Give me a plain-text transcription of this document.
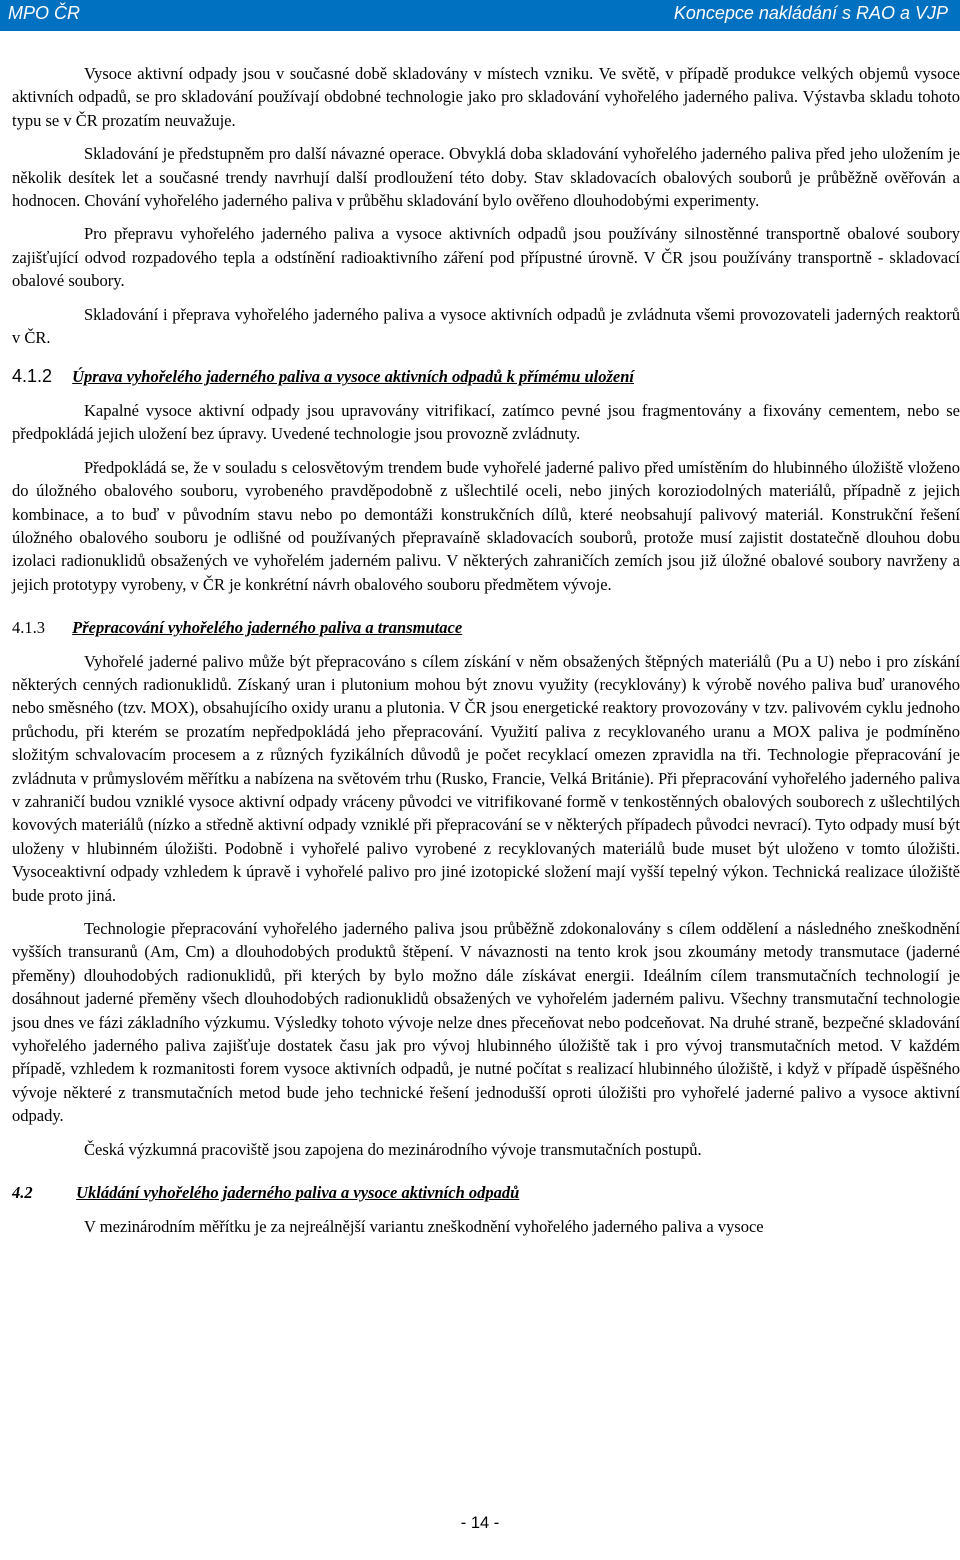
MPO ČR	Koncepce nakládání s RAO a VJP

Vysoce aktivní odpady jsou v současné době skladovány v místech vzniku. Ve světě, v případě produkce velkých objemů vysoce aktivních odpadů, se pro skladování používají obdobné technologie jako pro skladování vyhořelého jaderného paliva. Výstavba skladu tohoto typu se v ČR prozatím neuvažuje.

Skladování je předstupněm pro další návazné operace. Obvyklá doba skladování vyhořelého jaderného paliva před jeho uložením je několik desítek let a současné trendy navrhují další prodloužení této doby. Stav skladovacích obalových souborů je průběžně ověřován a hodnocen. Chování vyhořelého jaderného paliva v průběhu skladování bylo ověřeno dlouhodobými experimenty.

Pro přepravu vyhořelého jaderného paliva a vysoce aktivních odpadů jsou používány silnostěnné transportně obalové soubory zajišťující odvod rozpadového tepla a odstínění radioaktivního záření pod přípustné úrovně. V ČR jsou používány transportně - skladovací obalové soubory.

Skladování i přeprava vyhořelého jaderného paliva a vysoce aktivních odpadů je zvládnuta všemi provozovateli jaderných reaktorů v ČR.

4.1.2 Úprava vyhořelého jaderného paliva a vysoce aktivních odpadů k přímému uložení

Kapalné vysoce aktivní odpady jsou upravovány vitrifikací, zatímco pevné jsou fragmentovány a fixovány cementem, nebo se předpokládá jejich uložení bez úpravy. Uvedené technologie jsou provozně zvládnuty.

Předpokládá se, že v souladu s celosvětovým trendem bude vyhořelé jaderné palivo před umístěním do hlubinného úložiště vloženo do úložného obalového souboru, vyrobeného pravděpodobně z ušlechtilé oceli, nebo jiných koroziodolných materiálů, případně z jejich kombinace, a to buď v původním stavu nebo po demontáži konstrukčních dílů, které neobsahují palivový materiál. Konstrukční řešení úložného obalového souboru je odlišné od používaných přepravaíně skladovacích souborů, protože musí zajistit dostatečně dlouhou dobu izolaci radionuklidů obsažených ve vyhořelém jaderném palivu. V některých zahraničích zemích jsou již úložné obalové soubory navrženy a jejich prototypy vyrobeny, v ČR je konkrétní návrh obalového souboru předmětem vývoje.

4.1.3 Přepracování vyhořelého jaderného paliva a transmutace

Vyhořelé jaderné palivo může být přepracováno s cílem získání v něm obsažených štěpných materiálů (Pu a U) nebo i pro získání některých cenných radionuklidů. Získaný uran i plutonium mohou být znovu využity (recyklovány) k výrobě nového paliva buď uranového nebo směsného (tzv. MOX), obsahujícího oxidy uranu a plutonia. V ČR jsou energetické reaktory provozovány v tzv. palivovém cyklu jednoho průchodu, při kterém se prozatím nepředpokládá jeho přepracování. Využití paliva z recyklovaného uranu a MOX paliva je podmíněno složitým schvalovacím procesem a z různých fyzikálních důvodů je počet recyklací omezen zpravidla na tři. Technologie přepracování je zvládnuta v průmyslovém měřítku a nabízena na světovém trhu (Rusko, Francie, Velká Británie). Při přepracování vyhořelého jaderného paliva v zahraničí budou vzniklé vysoce aktivní odpady vráceny původci ve vitrifikované formě v tenkostěnných obalových souborech z ušlechtilých kovových materiálů (nízko a středně aktivní odpady vzniklé při přepracování se v některých případech původci nevrací). Tyto odpady musí být uloženy v hlubinném úložišti. Podobně i vyhořelé palivo vyrobené z recyklovaných materiálů bude muset být uloženo v tomto úložišti. Vysoceaktivní odpady vzhledem k úpravě i vyhořelé palivo pro jiné izotopické složení mají vyšší tepelný výkon. Technická realizace úložiště bude proto jiná.

Technologie přepracování vyhořelého jaderného paliva jsou průběžně zdokonalovány s cílem oddělení a následného zneškodnění vyšších transuranů (Am, Cm) a dlouhodobých produktů štěpení. V návaznosti na tento krok jsou zkoumány metody transmutace (jaderné přeměny) dlouhodobých radionuklidů, při kterých by bylo možno dále získávat energii. Ideálním cílem transmutačních technologií je dosáhnout jaderné přeměny všech dlouhodobých radionuklidů obsažených ve vyhořelém jaderném palivu. Všechny transmutační technologie jsou dnes ve fázi základního výzkumu. Výsledky tohoto vývoje nelze dnes přeceňovat nebo podceňovat. Na druhé straně, bezpečné skladování vyhořelého jaderného paliva zajišťuje dostatek času jak pro vývoj hlubinného úložiště tak i pro vývoj transmutačních metod. V každém případě, vzhledem k rozmanitosti forem vysoce aktivních odpadů, je nutné počítat s realizací hlubinného úložiště, i když v případě úspěšného vývoje některé z transmutačních metod bude jeho technické řešení jednodušší oproti úložišti pro vyhořelé jaderné palivo a vysoce aktivní odpady.

Česká výzkumná pracoviště jsou zapojena do mezinárodního vývoje transmutačních postupů.

4.2	Ukládání vyhořelého jaderného paliva a vysoce aktivních odpadů

V mezinárodním měřítku je za nejreálnější variantu zneškodnění vyhořelého jaderného paliva a vysoce

- 14 -
